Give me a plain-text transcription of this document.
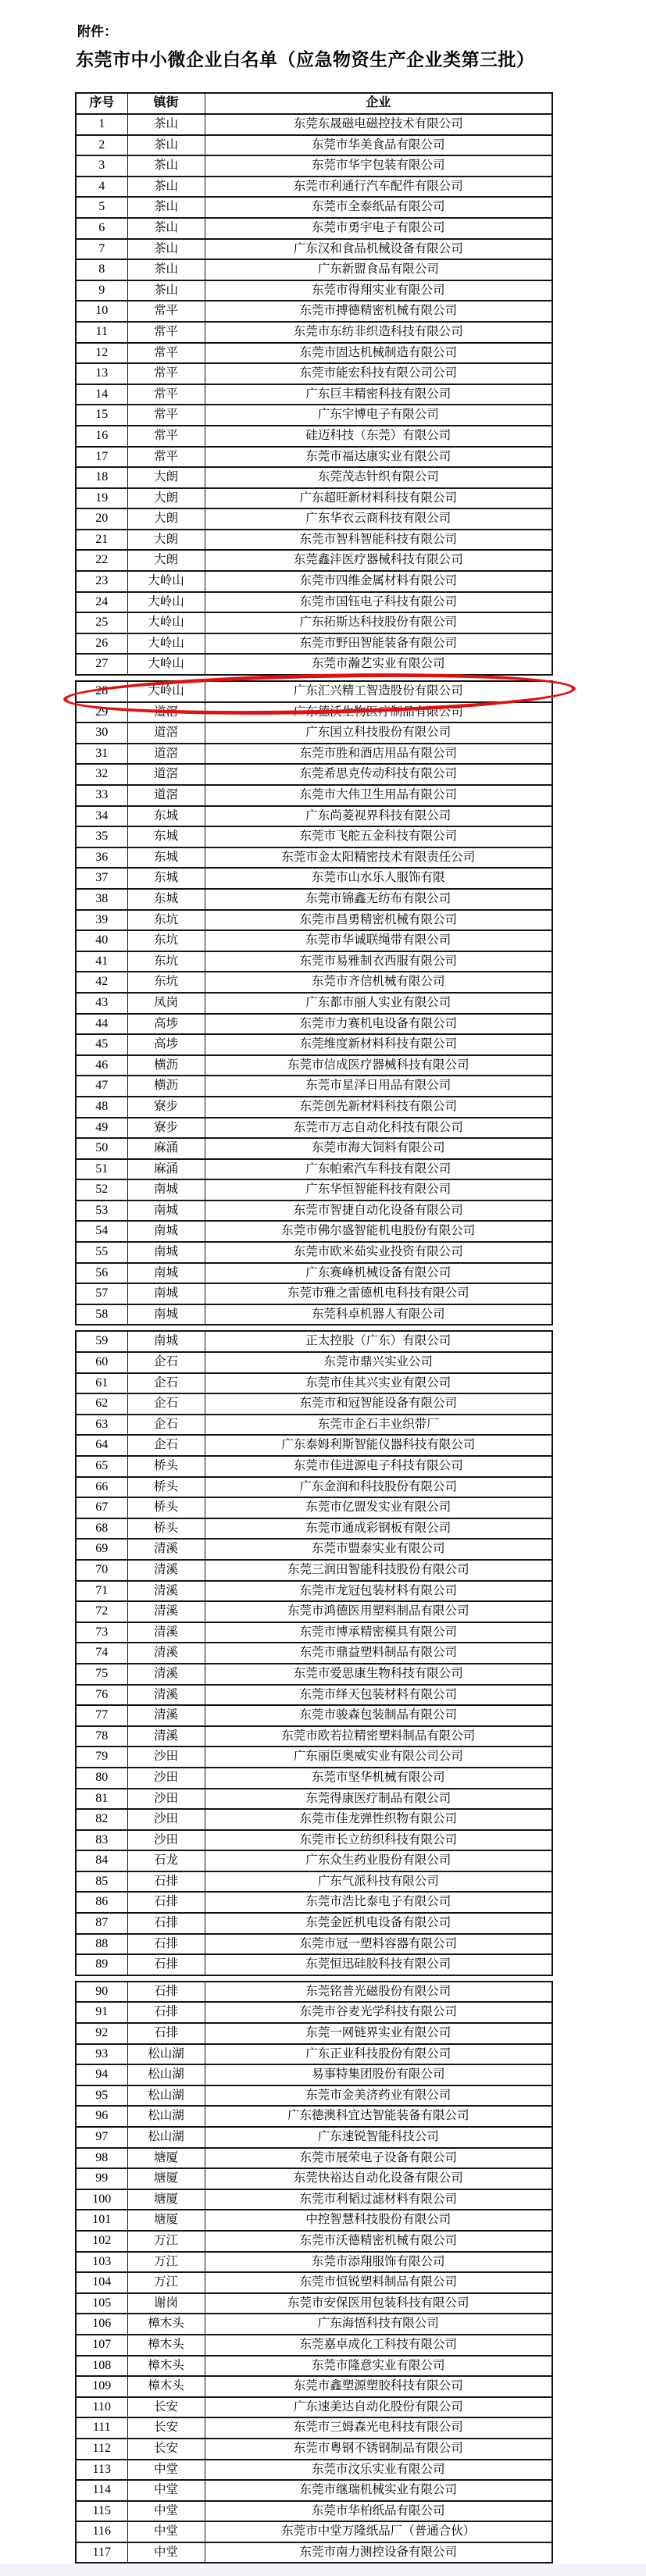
附件：
东莞市中小微企业白名单（应急物资生产企业类第三批）
序号	镇街	企业
1	茶山	东莞东晟磁电磁控技术有限公司
2	茶山	东莞市华美食品有限公司
3	茶山	东莞市华宇包装有限公司
4	茶山	东莞市利通行汽车配件有限公司
5	茶山	东莞市全泰纸品有限公司
6	茶山	东莞市勇宇电子有限公司
7	茶山	广东汉和食品机械设备有限公司
8	茶山	广东新盟食品有限公司
9	茶山	东莞市得翔实业有限公司
10	常平	东莞市搏德精密机械有限公司
11	常平	东莞市东纺非织造科技有限公司
12	常平	东莞市固达机械制造有限公司
13	常平	东莞市能宏科技有限公司公司
14	常平	广东巨丰精密科技有限公司
15	常平	广东宇博电子有限公司
16	常平	硅迈科技（东莞）有限公司
17	常平	东莞市福达康实业有限公司
18	大朗	东莞茂志针织有限公司
19	大朗	广东超旺新材料科技有限公司
20	大朗	广东华衣云商科技有限公司
21	大朗	东莞市智科智能科技有限公司
22	大朗	东莞鑫沣医疗器械科技有限公司
23	大岭山	东莞市四维金属材料有限公司
24	大岭山	东莞市国钰电子科技有限公司
25	大岭山	广东拓斯达科技股份有限公司
26	大岭山	东莞市野田智能装备有限公司
27	大岭山	东莞市瀚艺实业有限公司
28	大岭山	广东汇兴精工智造股份有限公司
29	道滘	广东德沃生物医疗制品有限公司
30	道滘	广东国立科技股份有限公司
31	道滘	东莞市胜和酒店用品有限公司
32	道滘	东莞希思克传动科技有限公司
33	道滘	东莞市大伟卫生用品有限公司
34	东城	广东尚菱视界科技有限公司
35	东城	东莞市飞舵五金科技有限公司
36	东城	东莞市金太阳精密技术有限责任公司
37	东城	东莞市山水乐人服饰有限
38	东城	东莞市锦鑫无纺布有限公司
39	东坑	东莞市昌勇精密机械有限公司
40	东坑	东莞市华诚联绳带有限公司
41	东坑	东莞市易雅制衣西服有限公司
42	东坑	东莞市齐信机械有限公司
43	凤岗	广东都市丽人实业有限公司
44	高埗	东莞市力赛机电设备有限公司
45	高埗	东莞维度新材料科技有限公司
46	横沥	东莞市信成医疗器械科技有限公司
47	横沥	东莞市星泽日用品有限公司
48	寮步	东莞创先新材料科技有限公司
49	寮步	东莞市万志自动化科技有限公司
50	麻涌	东莞市海大饲料有限公司
51	麻涌	广东帕索汽车科技有限公司
52	南城	广东华恒智能科技有限公司
53	南城	东莞市智捷自动化设备有限公司
54	南城	东莞市佛尔盛智能机电股份有限公司
55	南城	东莞市欧米茹实业投资有限公司
56	南城	广东赛峰机械设备有限公司
57	南城	东莞市雅之雷德机电科技有限公司
58	南城	东莞科卓机器人有限公司
59	南城	正太控股（广东）有限公司
60	企石	东莞市鼎兴实业公司
61	企石	东莞市佳其兴实业有限公司
62	企石	东莞市和冠智能设备有限公司
63	企石	东莞市企石丰业织带厂
64	企石	广东泰姆利斯智能仪器科技有限公司
65	桥头	东莞市佳进源电子科技有限公司
66	桥头	广东金润和科技股份有限公司
67	桥头	东莞市亿盟发实业有限公司
68	桥头	东莞市通成彩钢板有限公司
69	清溪	东莞市盟泰实业有限公司
70	清溪	东莞三润田智能科技股份有限公司
71	清溪	东莞市龙冠包装材料有限公司
72	清溪	东莞市鸿德医用塑料制品有限公司
73	清溪	东莞市博承精密模具有限公司
74	清溪	东莞市鼎益塑料制品有限公司
75	清溪	东莞市爱思康生物科技有限公司
76	清溪	东莞市绎天包装材料有限公司
77	清溪	东莞市骏森包装制品有限公司
78	清溪	东莞市欧若拉精密塑料制品有限公司
79	沙田	广东丽臣奥威实业有限公司公司
80	沙田	东莞市坚华机械有限公司
81	沙田	东莞得康医疗制品有限公司
82	沙田	东莞市佳龙弹性织物有限公司
83	沙田	东莞市长立纺织科技有限公司
84	石龙	广东众生药业股份有限公司
85	石排	广东气派科技有限公司
86	石排	东莞市浩比泰电子有限公司
87	石排	东莞金匠机电设备有限公司
88	石排	东莞市冠一塑料容器有限公司
89	石排	东莞恒迅硅胶科技有限公司
90	石排	东莞铭普光磁股份有限公司
91	石排	东莞市谷麦光学科技有限公司
92	石排	东莞一网链界实业有限公司
93	松山湖	广东正业科技股份有限公司
94	松山湖	易事特集团股份有限公司
95	松山湖	东莞市金美济药业有限公司
96	松山湖	广东德澳科宜达智能装备有限公司
97	松山湖	广东速锐智能科技公司
98	塘厦	东莞市展荣电子设备有限公司
99	塘厦	东莞快裕达自动化设备有限公司
100	塘厦	东莞市利韬过滤材料有限公司
101	塘厦	中控智慧科技股份有限公司
102	万江	东莞市沃德精密机械有限公司
103	万江	东莞市添翔服饰有限公司
104	万江	东莞市恒锐塑料制品有限公司
105	谢岗	东莞市安保医用包装科技有限公司
106	樟木头	广东海悟科技有限公司
107	樟木头	东莞嘉卓成化工科技有限公司
108	樟木头	东莞市隆意实业有限公司
109	樟木头	东莞市鑫塑源塑胶科技有限公司
110	长安	广东速美达自动化股份有限公司
111	长安	东莞市三姆森光电科技有限公司
112	长安	东莞市粤钢不锈钢制品有限公司
113	中堂	东莞市汶乐实业有限公司
114	中堂	东莞市继瑞机械实业有限公司
115	中堂	东莞市华柏纸品有限公司
116	中堂	东莞市中堂万隆纸品厂（普通合伙）
117	中堂	东莞市南力测控设备有限公司
